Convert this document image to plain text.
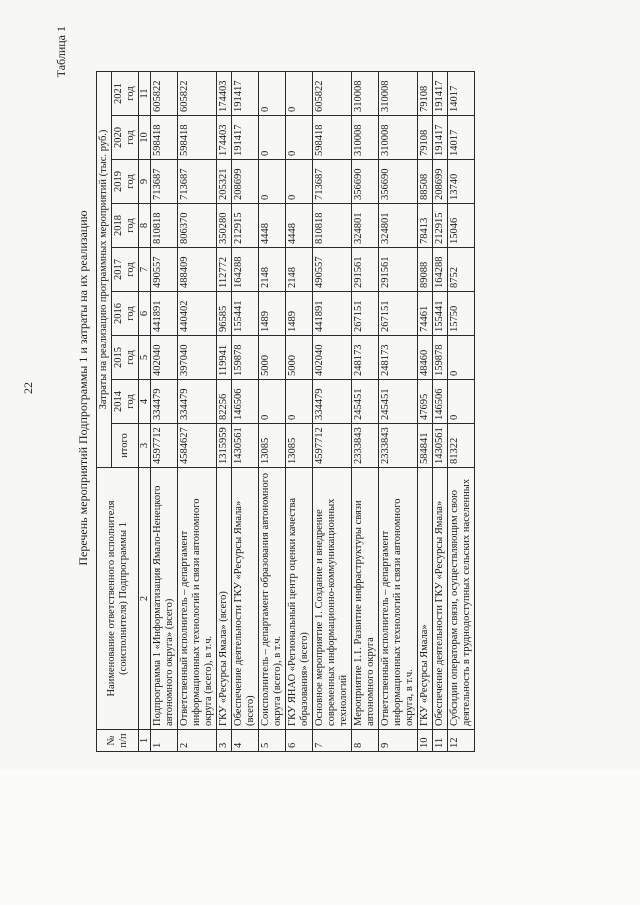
22
Таблица 1
Перечень мероприятий Подпрограммы 1 и затраты на их реализацию
№ п/п	Наименование ответственного исполнителя (соисполнителя) Подпрограммы 1	Затраты на реализацию программных мероприятий (тыс. руб.)								
		итого	2014 год	2015 год	2016 год	2017 год	2018 год	2019 год	2020 год	2021 год
1	2	3	4	5	6	7	8	9	10	11
1	Подпрограмма 1 «Информатизация Ямало-Ненецкого автономного округа» (всего)	4597712	334479	402040	441891	490557	810818	713687	598418	605822
2	Ответственный исполнитель – департамент информационных технологий и связи автономного округа (всего), в т.ч.	4584627	334479	397040	440402	488409	806370	713687	598418	605822
3	ГКУ «Ресурсы Ямала» (всего)	1315959	82256	119941	96585	112772	350280	205321	174403	174403
4	Обеспечение деятельности ГКУ «Ресурсы Ямала» (всего)	1430561	146506	159878	155441	164288	212915	208699	191417	191417
5	Соисполнитель – департамент образования автономного округа (всего), в т.ч.	13085	0	5000	1489	2148	4448	0	0	0
6	ГКУ ЯНАО «Региональный центр оценки качества образования» (всего)	13085	0	5000	1489	2148	4448	0	0	0
7	Основное мероприятие 1. Создание и внедрение современных информационно-коммуникационных технологий	4597712	334479	402040	441891	490557	810818	713687	598418	605822
8	Мероприятие 1.1. Развитие инфраструктуры связи автономного округа	2333843	245451	248173	267151	291561	324801	356690	310008	310008
9	Ответственный исполнитель – департамент информационных технологий и связи автономного округа, в т.ч.	2333843	245451	248173	267151	291561	324801	356690	310008	310008
10	ГКУ «Ресурсы Ямала»	584841	47695	48460	74461	89088	78413	88508	79108	79108
11	Обеспечение деятельности ГКУ «Ресурсы Ямала»	1430561	146506	159878	155441	164288	212915	208699	191417	191417
12	Субсидии операторам связи, осуществляющим свою деятельность в труднодоступных сельских населенных	81322	0	0	15750	8752	15046	13740	14017	14017
